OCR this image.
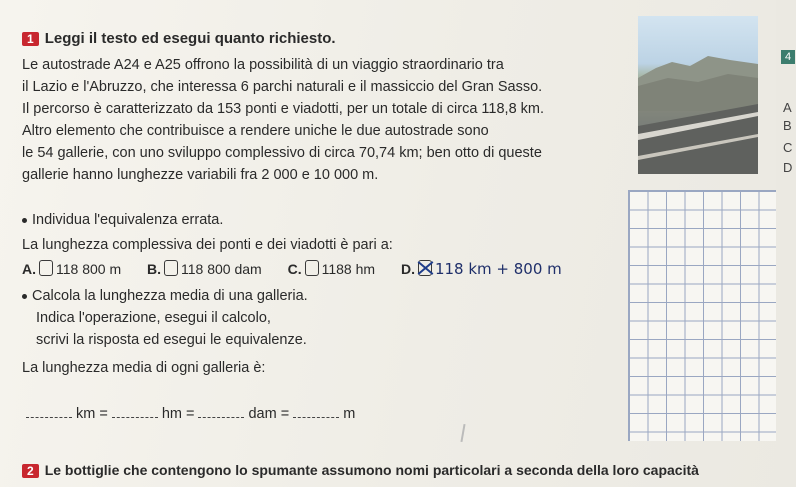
1 Leggi il testo ed esegui quanto richiesto.
Le autostrade A24 e A25 offrono la possibilità di un viaggio straordinario tra
il Lazio e l'Abruzzo, che interessa 6 parchi naturali e il massiccio del Gran Sasso.
Il percorso è caratterizzato da 153 ponti e viadotti, per un totale di circa 118,8 km.
Altro elemento che contribuisce a rendere uniche le due autostrade sono
le 54 gallerie, con uno sviluppo complessivo di circa 70,74 km; ben otto di queste
gallerie hanno lunghezze variabili fra 2 000 e 10 000 m.
Individua l'equivalenza errata.
La lunghezza complessiva dei ponti e dei viadotti è pari a:
A. 118 800 m B. 118 800 dam C. 1188 hm D. 118 km + 800 m
Calcola la lunghezza media di una galleria.
Indica l'operazione, esegui il calcolo,
scrivi la risposta ed esegui le equivalenze.
La lunghezza media di ogni galleria è:
km =	hm =	dam =	m
2 Le bottiglie che contengono lo spumante assumono nomi particolari a seconda della loro capacità
4
A
B
C
D
